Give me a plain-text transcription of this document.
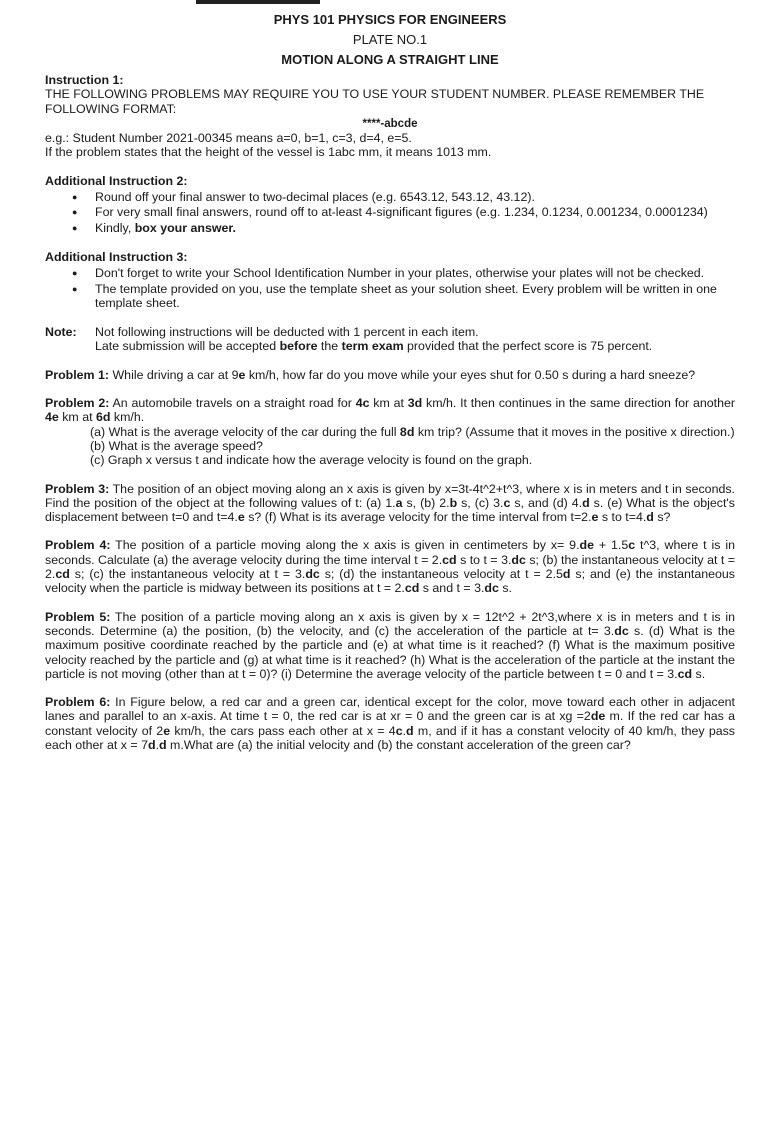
PHYS 101 PHYSICS FOR ENGINEERS
PLATE NO.1
MOTION ALONG A STRAIGHT LINE
Instruction 1:
THE FOLLOWING PROBLEMS MAY REQUIRE YOU TO USE YOUR STUDENT NUMBER. PLEASE REMEMBER THE FOLLOWING FORMAT:
****-abcde
e.g.: Student Number 2021-00345 means a=0, b=1, c=3, d=4, e=5.
If the problem states that the height of the vessel is 1abc mm, it means 1013 mm.
Additional Instruction 2:
● Round off your final answer to two-decimal places (e.g. 6543.12, 543.12, 43.12).
● For very small final answers, round off to at-least 4-significant figures (e.g. 1.234, 0.1234, 0.001234, 0.0001234)
● Kindly, box your answer.
Additional Instruction 3:
● Don't forget to write your School Identification Number in your plates, otherwise your plates will not be checked.
● The template provided on you, use the template sheet as your solution sheet. Every problem will be written in one template sheet.
Note:	Not following instructions will be deducted with 1 percent in each item.
Late submission will be accepted before the term exam provided that the perfect score is 75 percent.
Problem 1: While driving a car at 9e km/h, how far do you move while your eyes shut for 0.50 s during a hard sneeze?
Problem 2: An automobile travels on a straight road for 4c km at 3d km/h. It then continues in the same direction for another 4e km at 6d km/h.
(a) What is the average velocity of the car during the full 8d km trip? (Assume that it moves in the positive x direction.)
(b) What is the average speed?
(c) Graph x versus t and indicate how the average velocity is found on the graph.
Problem 3: The position of an object moving along an x axis is given by x=3t-4t^2+t^3, where x is in meters and t in seconds. Find the position of the object at the following values of t: (a) 1.a s, (b) 2.b s, (c) 3.c s, and (d) 4.d s. (e) What is the object's displacement between t=0 and t=4.e s? (f) What is its average velocity for the time interval from t=2.e s to t=4.d s?
Problem 4: The position of a particle moving along the x axis is given in centimeters by x= 9.de + 1.5c t^3, where t is in seconds. Calculate (a) the average velocity during the time interval t = 2.cd s to t = 3.dc s; (b) the instantaneous velocity at t = 2.cd s; (c) the instantaneous velocity at t = 3.dc s; (d) the instantaneous velocity at t = 2.5d s; and (e) the instantaneous velocity when the particle is midway between its positions at t = 2.cd s and t = 3.dc s.
Problem 5: The position of a particle moving along an x axis is given by x = 12t^2 + 2t^3,where x is in meters and t is in seconds. Determine (a) the position, (b) the velocity, and (c) the acceleration of the particle at t= 3.dc s. (d) What is the maximum positive coordinate reached by the particle and (e) at what time is it reached? (f) What is the maximum positive velocity reached by the particle and (g) at what time is it reached? (h) What is the acceleration of the particle at the instant the particle is not moving (other than at t = 0)? (i) Determine the average velocity of the particle between t = 0 and t = 3.cd s.
Problem 6: In Figure below, a red car and a green car, identical except for the color, move toward each other in adjacent lanes and parallel to an x-axis. At time t = 0, the red car is at xr = 0 and the green car is at xg =2de m. If the red car has a constant velocity of 2e km/h, the cars pass each other at x = 4c.d m, and if it has a constant velocity of 40 km/h, they pass each other at x = 7d.d m.What are (a) the initial velocity and (b) the constant acceleration of the green car?
